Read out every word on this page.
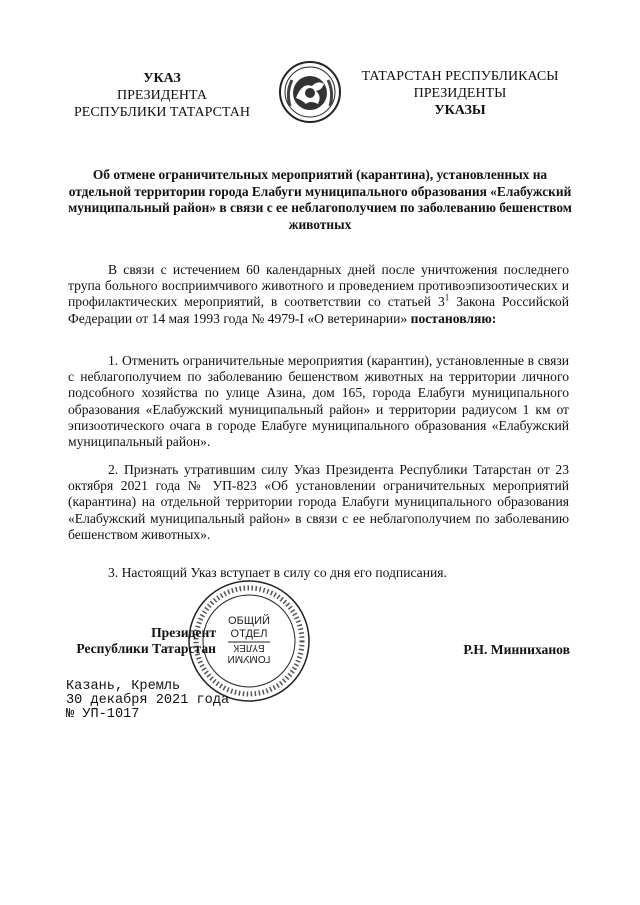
УКАЗ
ПРЕЗИДЕНТА
РЕСПУБЛИКИ ТАТАРСТАН
ТАТАРСТАН РЕСПУБЛИКАСЫ
ПРЕЗИДЕНТЫ
УКАЗЫ
Об отмене ограничительных мероприятий (карантина), установленных на отдельной территории города Елабуги муниципального образования «Елабужский муниципальный район» в связи с ее неблагополучием по заболеванию бешенством животных
В связи с истечением 60 календарных дней после уничтожения последнего трупа больного восприимчивого животного и проведением противоэпизоотических и профилактических мероприятий, в соответствии со статьей $3^1$ Закона Российской Федерации от 14 мая 1993 года № 4979-I «О ветеринарии» постановляю:
1. Отменить ограничительные мероприятия (карантин), установленные в связи с неблагополучием по заболеванию бешенством животных на территории личного подсобного хозяйства по улице Азина, дом 165, города Елабуги муниципального образования «Елабужский муниципальный район» и территории радиусом 1 км от эпизоотического очага в городе Елабуге муниципального образования «Елабужский муниципальный район».
2. Признать утратившим силу Указ Президента Республики Татарстан от 23 октября 2021 года № УП-823 «Об установлении ограничительных мероприятий (карантина) на отдельной территории города Елабуги муниципального образования «Елабужский муниципальный район» в связи с ее неблагополучием по заболеванию бешенством животных».
3. Настоящий Указ вступает в силу со дня его подписания.
ОБЩИЙ
ОТДЕЛ
ГОМУМИ
БҮЛЕК
Президент
Республики Татарстан	Р.Н. Минниханов
Казань, Кремль
30 декабря 2021 года
№ УП-1017
